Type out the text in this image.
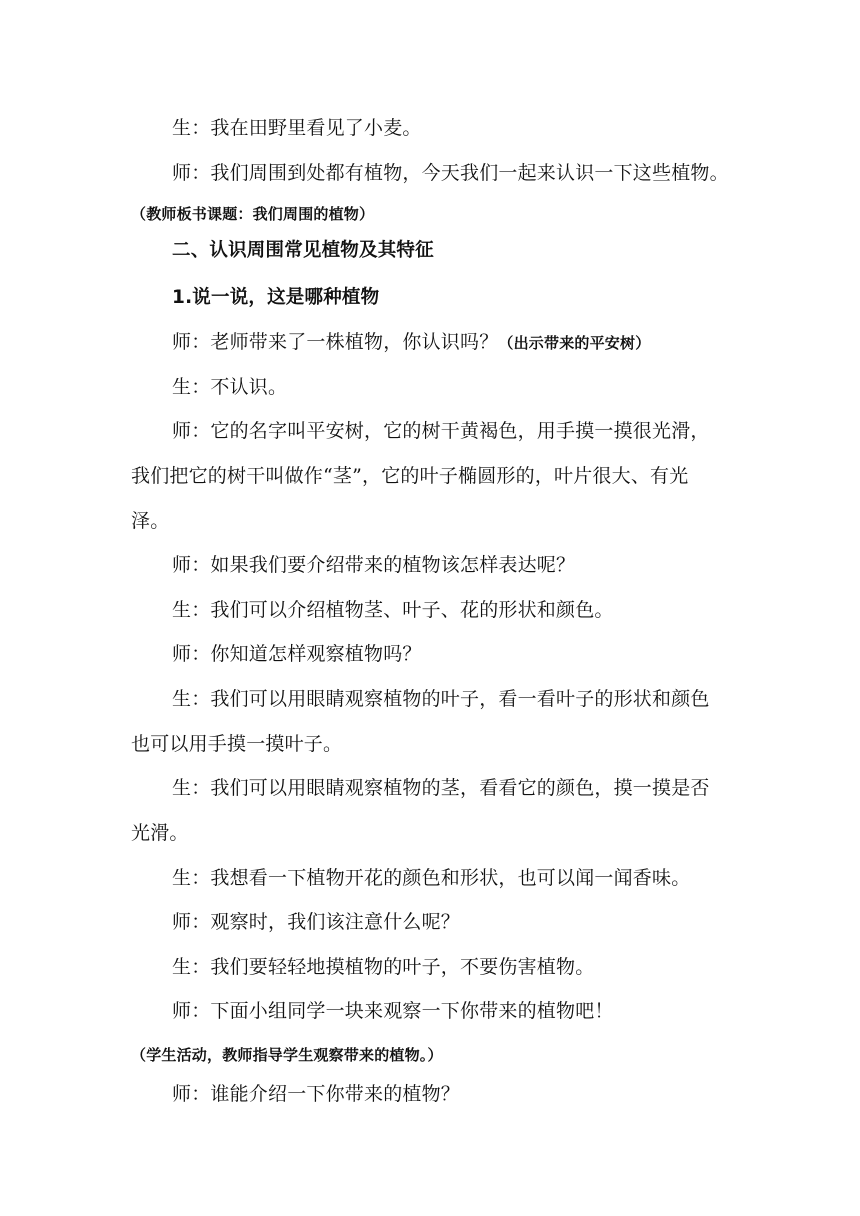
生：我在田野里看见了小麦。
师：我们周围到处都有植物，今天我们一起来认识一下这些植物。
（教师板书课题：我们周围的植物）
二、认识周围常见植物及其特征
1.说一说，这是哪种植物
师：老师带来了一株植物，你认识吗？（出示带来的平安树）
生：不认识。
师：它的名字叫平安树，它的树干黄褐色，用手摸一摸很光滑，
我们把它的树干叫做作“茎”，它的叶子椭圆形的，叶片很大、有光
泽。
师：如果我们要介绍带来的植物该怎样表达呢？
生：我们可以介绍植物茎、叶子、花的形状和颜色。
师：你知道怎样观察植物吗？
生：我们可以用眼睛观察植物的叶子，看一看叶子的形状和颜色
也可以用手摸一摸叶子。
生：我们可以用眼睛观察植物的茎，看看它的颜色，摸一摸是否
光滑。
生：我想看一下植物开花的颜色和形状，也可以闻一闻香味。
师：观察时，我们该注意什么呢？
生：我们要轻轻地摸植物的叶子，不要伤害植物。
师：下面小组同学一块来观察一下你带来的植物吧！
（学生活动，教师指导学生观察带来的植物。）
师：谁能介绍一下你带来的植物？
